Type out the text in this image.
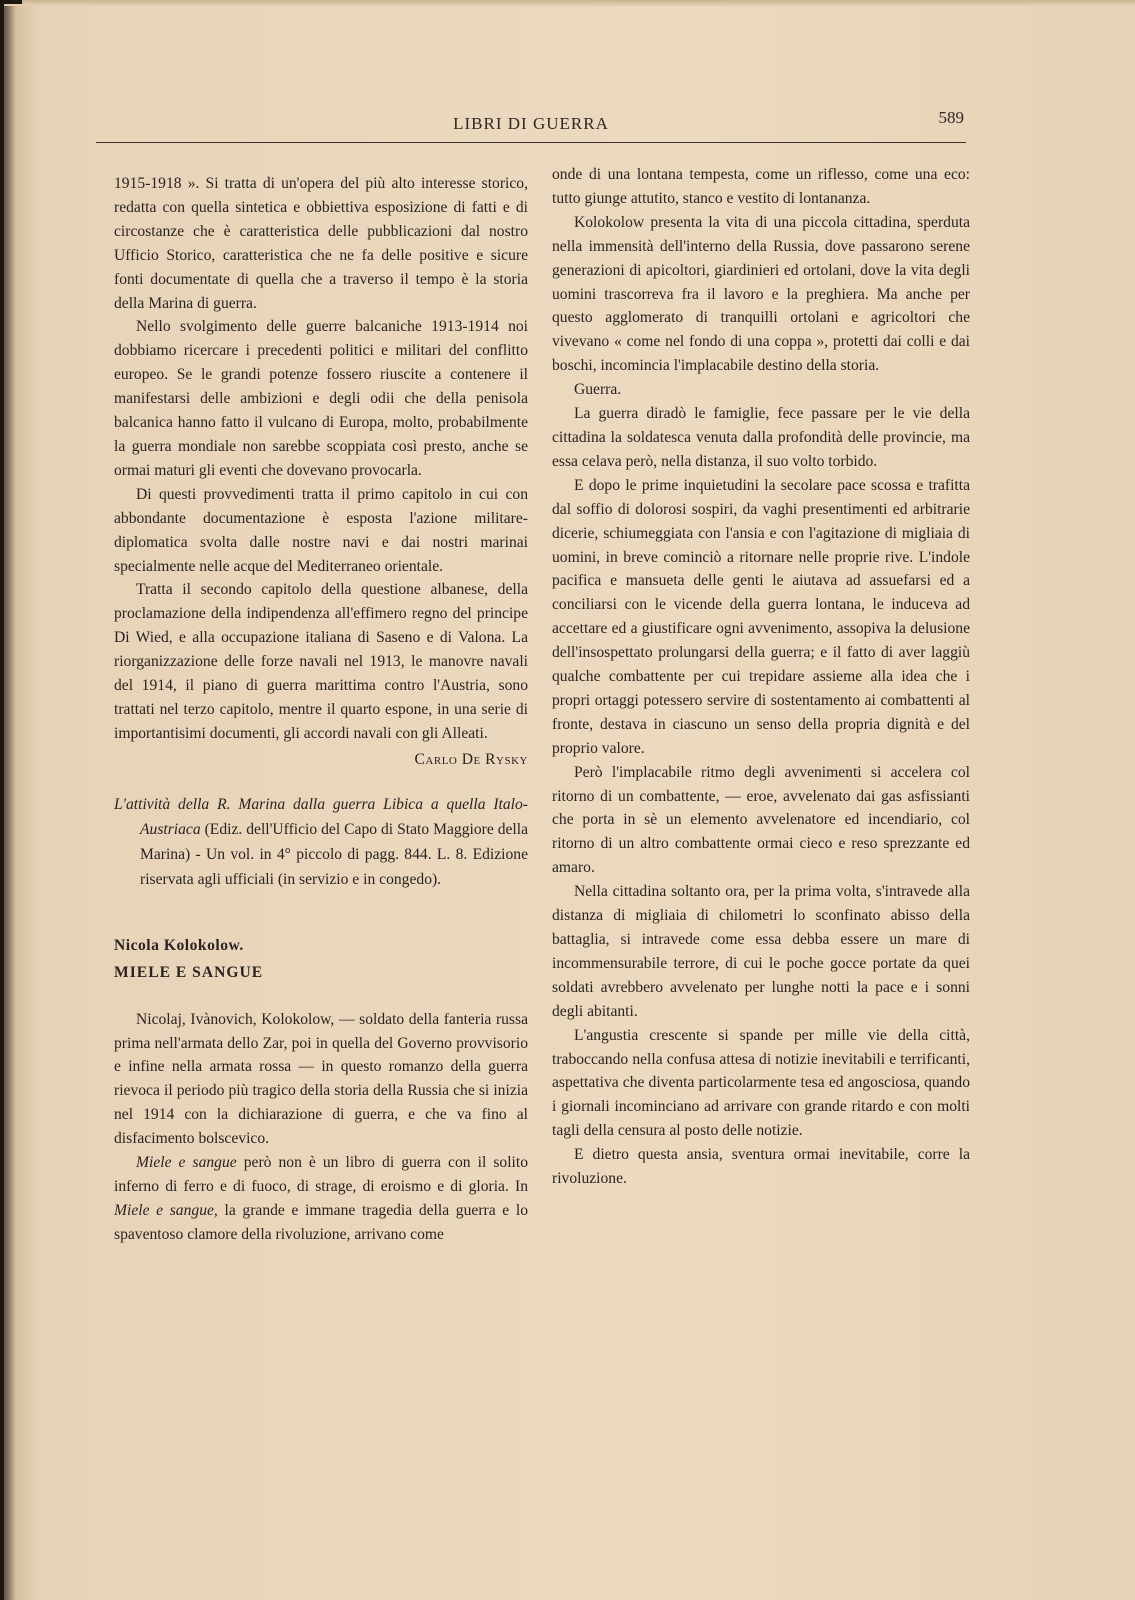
LIBRI DI GUERRA	589

1915-1918 ». Si tratta di un'opera del più alto interesse storico, redatta con quella sintetica e obbiettiva esposizione di fatti e di circostanze che è caratteristica delle pubblicazioni dal nostro Ufficio Storico, caratteristica che ne fa delle positive e sicure fonti documentate di quella che a traverso il tempo è la storia della Marina di guerra.

Nello svolgimento delle guerre balcaniche 1913-1914 noi dobbiamo ricercare i precedenti politici e militari del conflitto europeo. Se le grandi potenze fossero riuscite a contenere il manifestarsi delle ambizioni e degli odii che della penisola balcanica hanno fatto il vulcano di Europa, molto, probabilmente la guerra mondiale non sarebbe scoppiata così presto, anche se ormai maturi gli eventi che dovevano provocarla.

Di questi provvedimenti tratta il primo capitolo in cui con abbondante documentazione è esposta l'azione militare-diplomatica svolta dalle nostre navi e dai nostri marinai specialmente nelle acque del Mediterraneo orientale.

Tratta il secondo capitolo della questione albanese, della proclamazione della indipendenza all'effimero regno del principe Di Wied, e alla occupazione italiana di Saseno e di Valona. La riorganizzazione delle forze navali nel 1913, le manovre navali del 1914, il piano di guerra marittima contro l'Austria, sono trattati nel terzo capitolo, mentre il quarto espone, in una serie di importantisimi documenti, gli accordi navali con gli Alleati.

Carlo De Rysky

L'attività della R. Marina dalla guerra Libica a quella Italo-Austriaca (Ediz. dell'Ufficio del Capo di Stato Maggiore della Marina) - Un vol. in 4° piccolo di pagg. 844. L. 8. Edizione riservata agli ufficiali (in servizio e in congedo).

Nicola Kolokolow.

MIELE E SANGUE

Nicolaj, Ivànovich, Kolokolow, — soldato della fanteria russa prima nell'armata dello Zar, poi in quella del Governo provvisorio e infine nella armata rossa — in questo romanzo della guerra rievoca il periodo più tragico della storia della Russia che si inizia nel 1914 con la dichiarazione di guerra, e che va fino al disfacimento bolscevico.

Miele e sangue però non è un libro di guerra con il solito inferno di ferro e di fuoco, di strage, di eroismo e di gloria. In Miele e sangue, la grande e immane tragedia della guerra e lo spaventoso clamore della rivoluzione, arrivano come

onde di una lontana tempesta, come un riflesso, come una eco: tutto giunge attutito, stanco e vestito di lontananza.

Kolokolow presenta la vita di una piccola cittadina, sperduta nella immensità dell'interno della Russia, dove passarono serene generazioni di apicoltori, giardinieri ed ortolani, dove la vita degli uomini trascorreva fra il lavoro e la preghiera. Ma anche per questo agglomerato di tranquilli ortolani e agricoltori che vivevano « come nel fondo di una coppa », protetti dai colli e dai boschi, incomincia l'implacabile destino della storia.

Guerra.

La guerra diradò le famiglie, fece passare per le vie della cittadina la soldatesca venuta dalla profondità delle provincie, ma essa celava però, nella distanza, il suo volto torbido.

E dopo le prime inquietudini la secolare pace scossa e trafitta dal soffio di dolorosi sospiri, da vaghi presentimenti ed arbitrarie dicerie, schiumeggiata con l'ansia e con l'agitazione di migliaia di uomini, in breve cominciò a ritornare nelle proprie rive. L'indole pacifica e mansueta delle genti le aiutava ad assuefarsi ed a conciliarsi con le vicende della guerra lontana, le induceva ad accettare ed a giustificare ogni avvenimento, assopiva la delusione dell'insospettato prolungarsi della guerra; e il fatto di aver laggiù qualche combattente per cui trepidare assieme alla idea che i propri ortaggi potessero servire di sostentamento ai combattenti al fronte, destava in ciascuno un senso della propria dignità e del proprio valore.

Però l'implacabile ritmo degli avvenimenti si accelera col ritorno di un combattente, — eroe, avvelenato dai gas asfissianti che porta in sè un elemento avvelenatore ed incendiario, col ritorno di un altro combattente ormai cieco e reso sprezzante ed amaro.

Nella cittadina soltanto ora, per la prima volta, s'intravede alla distanza di migliaia di chilometri lo sconfinato abisso della battaglia, si intravede come essa debba essere un mare di incommensurabile terrore, di cui le poche gocce portate da quei soldati avrebbero avvelenato per lunghe notti la pace e i sonni degli abitanti.

L'angustia crescente si spande per mille vie della città, traboccando nella confusa attesa di notizie inevitabili e terrificanti, aspettativa che diventa particolarmente tesa ed angosciosa, quando i giornali incominciano ad arrivare con grande ritardo e con molti tagli della censura al posto delle notizie.

E dietro questa ansia, sventura ormai inevitabile, corre la rivoluzione.
